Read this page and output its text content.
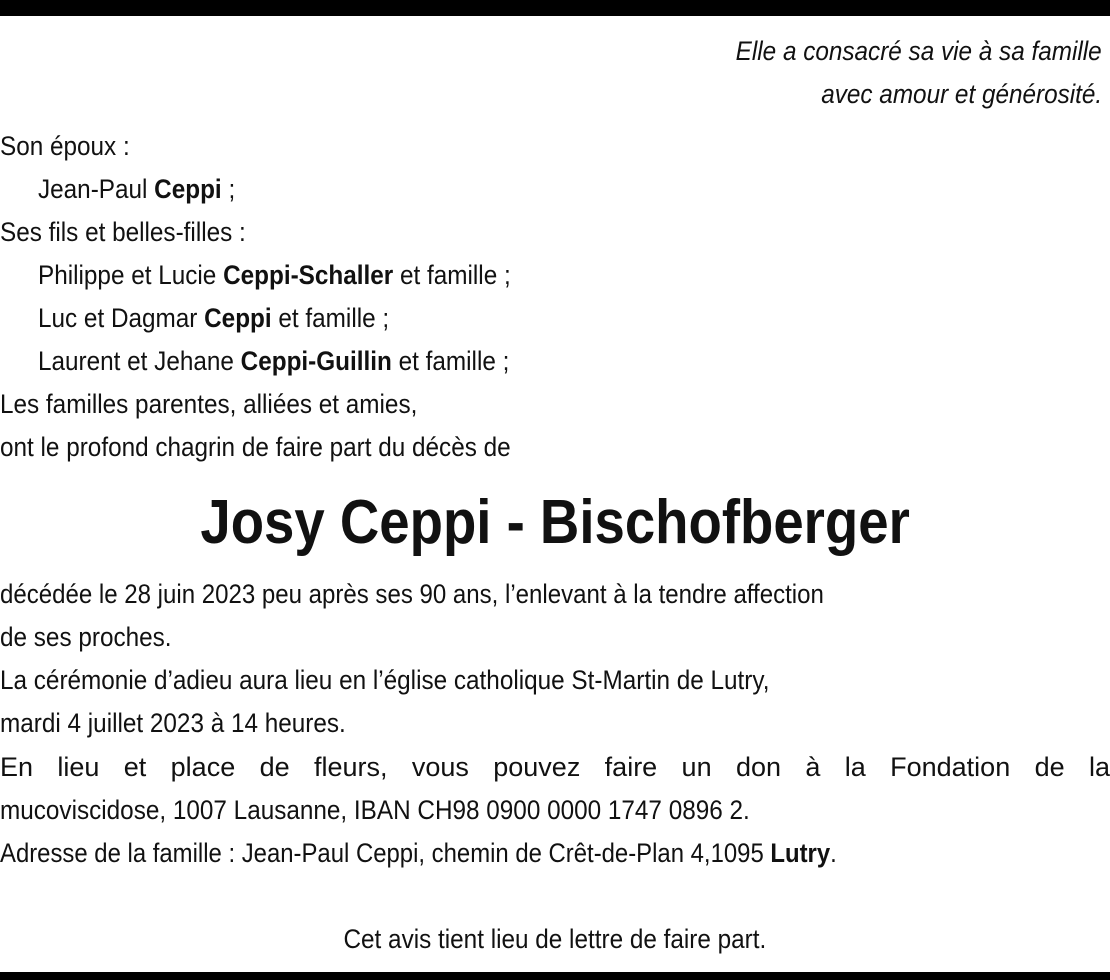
Elle a consacré sa vie à sa famille
avec amour et générosité.
Son époux :
Jean-Paul Ceppi ;
Ses fils et belles-filles :
Philippe et Lucie Ceppi-Schaller et famille ;
Luc et Dagmar Ceppi et famille ;
Laurent et Jehane Ceppi-Guillin et famille ;
Les familles parentes, alliées et amies,
ont le profond chagrin de faire part du décès de
Josy Ceppi - Bischofberger
décédée le 28 juin 2023 peu après ses 90 ans, l’enlevant à la tendre affection
de ses proches.
La cérémonie d’adieu aura lieu en l’église catholique St-Martin de Lutry,
mardi 4 juillet 2023 à 14 heures.
En lieu et place de fleurs, vous pouvez faire un don à la Fondation de la
mucoviscidose, 1007 Lausanne, IBAN CH98 0900 0000 1747 0896 2.
Adresse de la famille : Jean-Paul Ceppi, chemin de Crêt-de-Plan 4,1095 Lutry.
Cet avis tient lieu de lettre de faire part.
